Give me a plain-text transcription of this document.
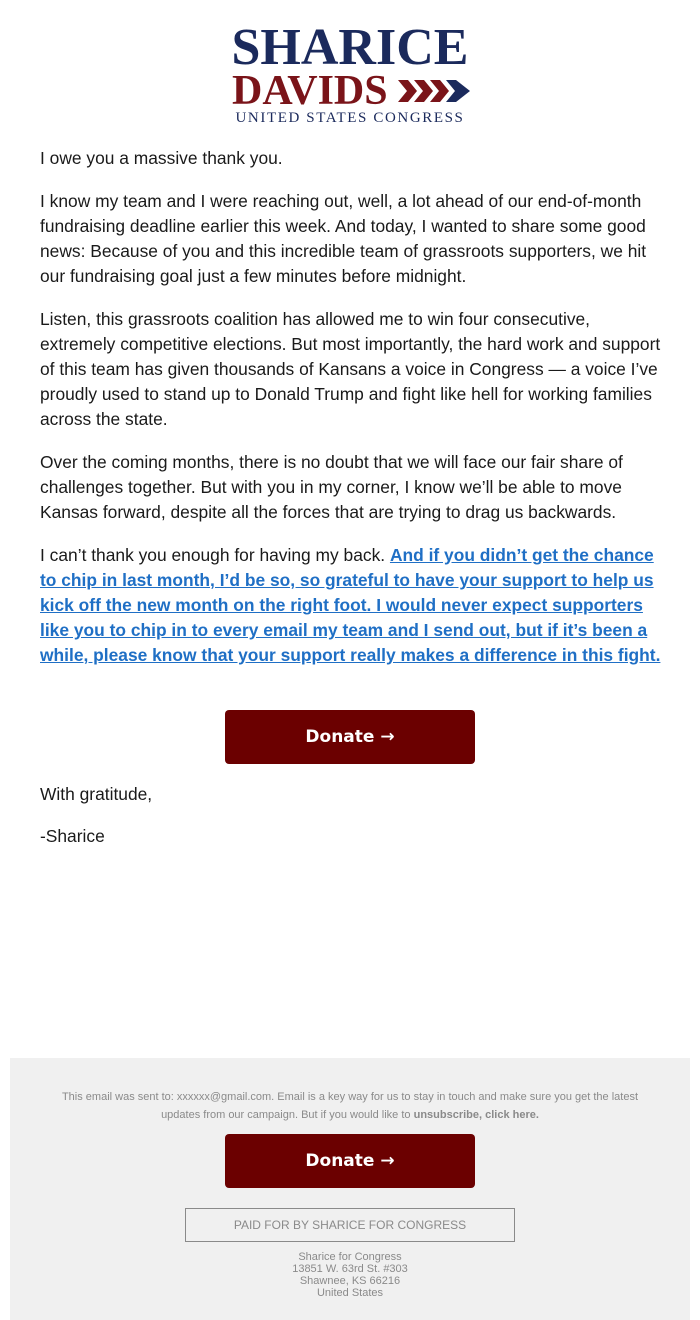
SHARICE
DAVIDS
UNITED STATES CONGRESS

I owe you a massive thank you.

I know my team and I were reaching out, well, a lot ahead of our end-of-month fundraising deadline earlier this week. And today, I wanted to share some good news: Because of you and this incredible team of grassroots supporters, we hit our fundraising goal just a few minutes before midnight.

Listen, this grassroots coalition has allowed me to win four consecutive, extremely competitive elections. But most importantly, the hard work and support of this team has given thousands of Kansans a voice in Congress — a voice I’ve proudly used to stand up to Donald Trump and fight like hell for working families across the state.

Over the coming months, there is no doubt that we will face our fair share of challenges together. But with you in my corner, I know we’ll be able to move Kansas forward, despite all the forces that are trying to drag us backwards.

I can’t thank you enough for having my back. And if you didn’t get the chance to chip in last month, I’d be so, so grateful to have your support to help us kick off the new month on the right foot. I would never expect supporters like you to chip in to every email my team and I send out, but if it’s been a while, please know that your support really makes a difference in this fight.

Donate →
With gratitude,
-Sharice
This email was sent to: xxxxxx@gmail.com. Email is a key way for us to stay in touch and make sure you get the latest updates from our campaign. But if you would like to unsubscribe, click here.
Donate →
PAID FOR BY SHARICE FOR CONGRESS
Sharice for Congress
13851 W. 63rd St. #303
Shawnee, KS 66216
United States
